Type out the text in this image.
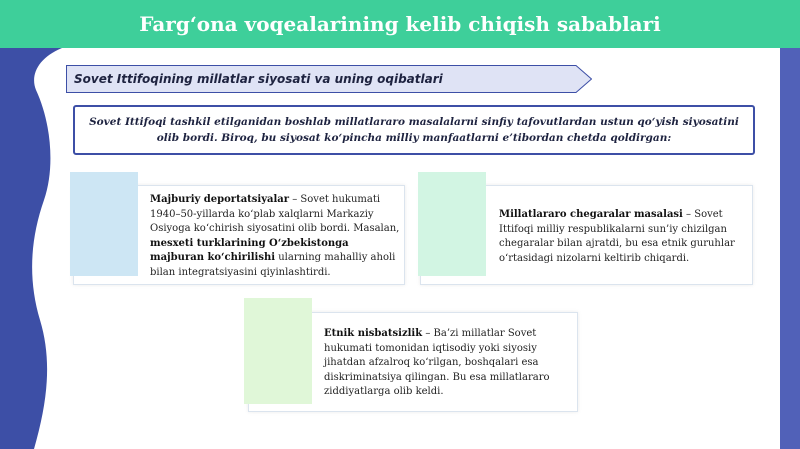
Farg‘ona voqealarining kelib chiqish sabablari
Sovet Ittifoqining millatlar siyosati va uning oqibatlari
Sovet Ittifoqi tashkil etilganidan boshlab millatlararo masalalarni sinfiy tafovutlardan ustun qo‘yish siyosatini olib bordi. Biroq, bu siyosat ko‘pincha milliy manfaatlarni e’tibordan chetda qoldirgan:
Majburiy deportatsiyalar – Sovet hukumati 1940–50-yillarda ko‘plab xalqlarni Markaziy Osiyoga ko‘chirish siyosatini olib bordi. Masalan, mesxeti turklarining O‘zbekistonga majburan ko‘chirilishi ularning mahalliy aholi bilan integratsiyasini qiyinlashtirdi.
Millatlararo chegaralar masalasi – Sovet Ittifoqi milliy respublikalarni sun’iy chizilgan chegaralar bilan ajratdi, bu esa etnik guruhlar o‘rtasidagi nizolarni keltirib chiqardi.
Etnik nisbatsizlik – Ba’zi millatlar Sovet hukumati tomonidan iqtisodiy yoki siyosiy jihatdan afzalroq ko‘rilgan, boshqalari esa diskriminatsiya qilingan. Bu esa millatlararo ziddiyatlarga olib keldi.
